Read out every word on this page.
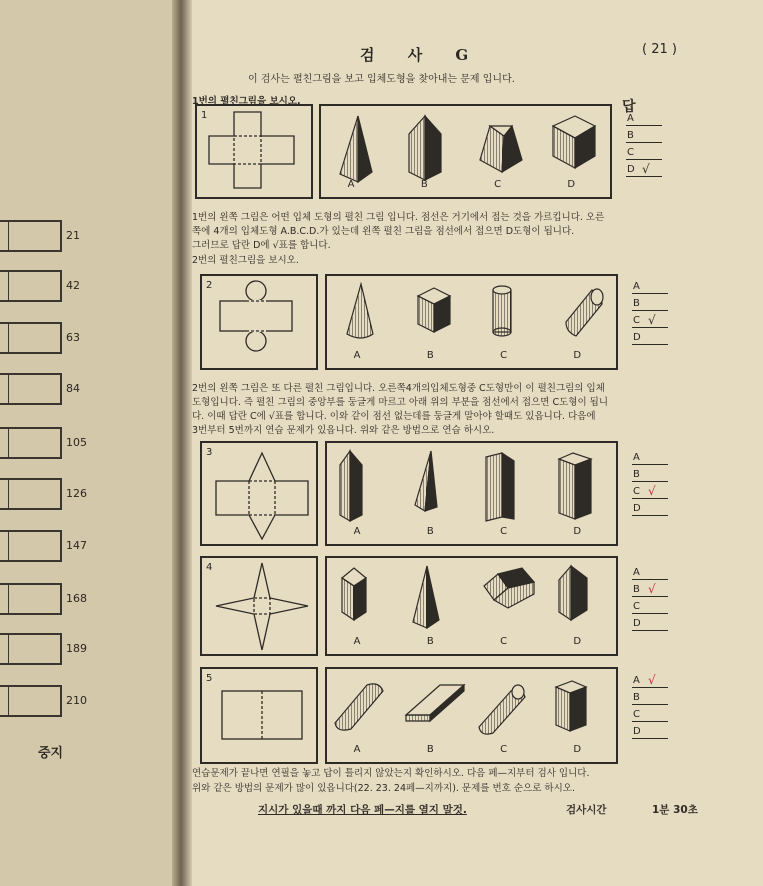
중지
검 사 G	( 21 )
이 검사는 펼친그림을 보고 입체도형을 찾아내는 문제 입니다.
답
1번의 펼친그림을 보시오.
1번의 왼쪽 그림은 어떤 입체 도형의 펼친 그림 입니다. 점선은 거기에서 접는 것을 가르킵니다. 오른
쪽에 4개의 입체도형 A.B.C.D.가 있는데 왼쪽 펼친 그림을 점선에서 접으면 D도형이 됩니다.
그러므로 답란 D에 √표를 합니다.
2번의 펼친그림을 보시오.
2번의 왼쪽 그림은 또 다른 펼친 그림입니다. 오른쪽4개의입체도형중 C도형만이 이 펼친그림의 입체
도형입니다. 즉 펼친 그림의 중앙부를 둥글게 마르고 아래 위의 부분을 점선에서 접으면 C도형이 됩니
다. 이때 답란 C에 √표를 합니다. 이와 같이 점선 없는데를 둥글게 말아야 할때도 있읍니다. 다음에
3번부터 5번까지 연습 문제가 있읍니다. 위와 같은 방법으로 연습 하시오.
연습문제가 끝나면 연필을 놓고 답이 틀리지 않았는지 확인하시오. 다음 페—지부터 검사 입니다.
위와 같은 방법의 문제가 많이 있읍니다(22. 23. 24페—지까지). 문제를 번호 순으로 하시오.
지시가 있을때 까지 다음 페—지를 열지 말것.	검사시간	1분 30초
21
42
63
84
105
126
147
168
189
210
1
A	B	C	D
A
B
C
D √
2
A	B	C	D
A
B
C √
D
3
A	B	C	D
A
B
C √
D
4
A	B	C	D
A
B √
C
D
5
A	B	C	D
A √
B
C
D
